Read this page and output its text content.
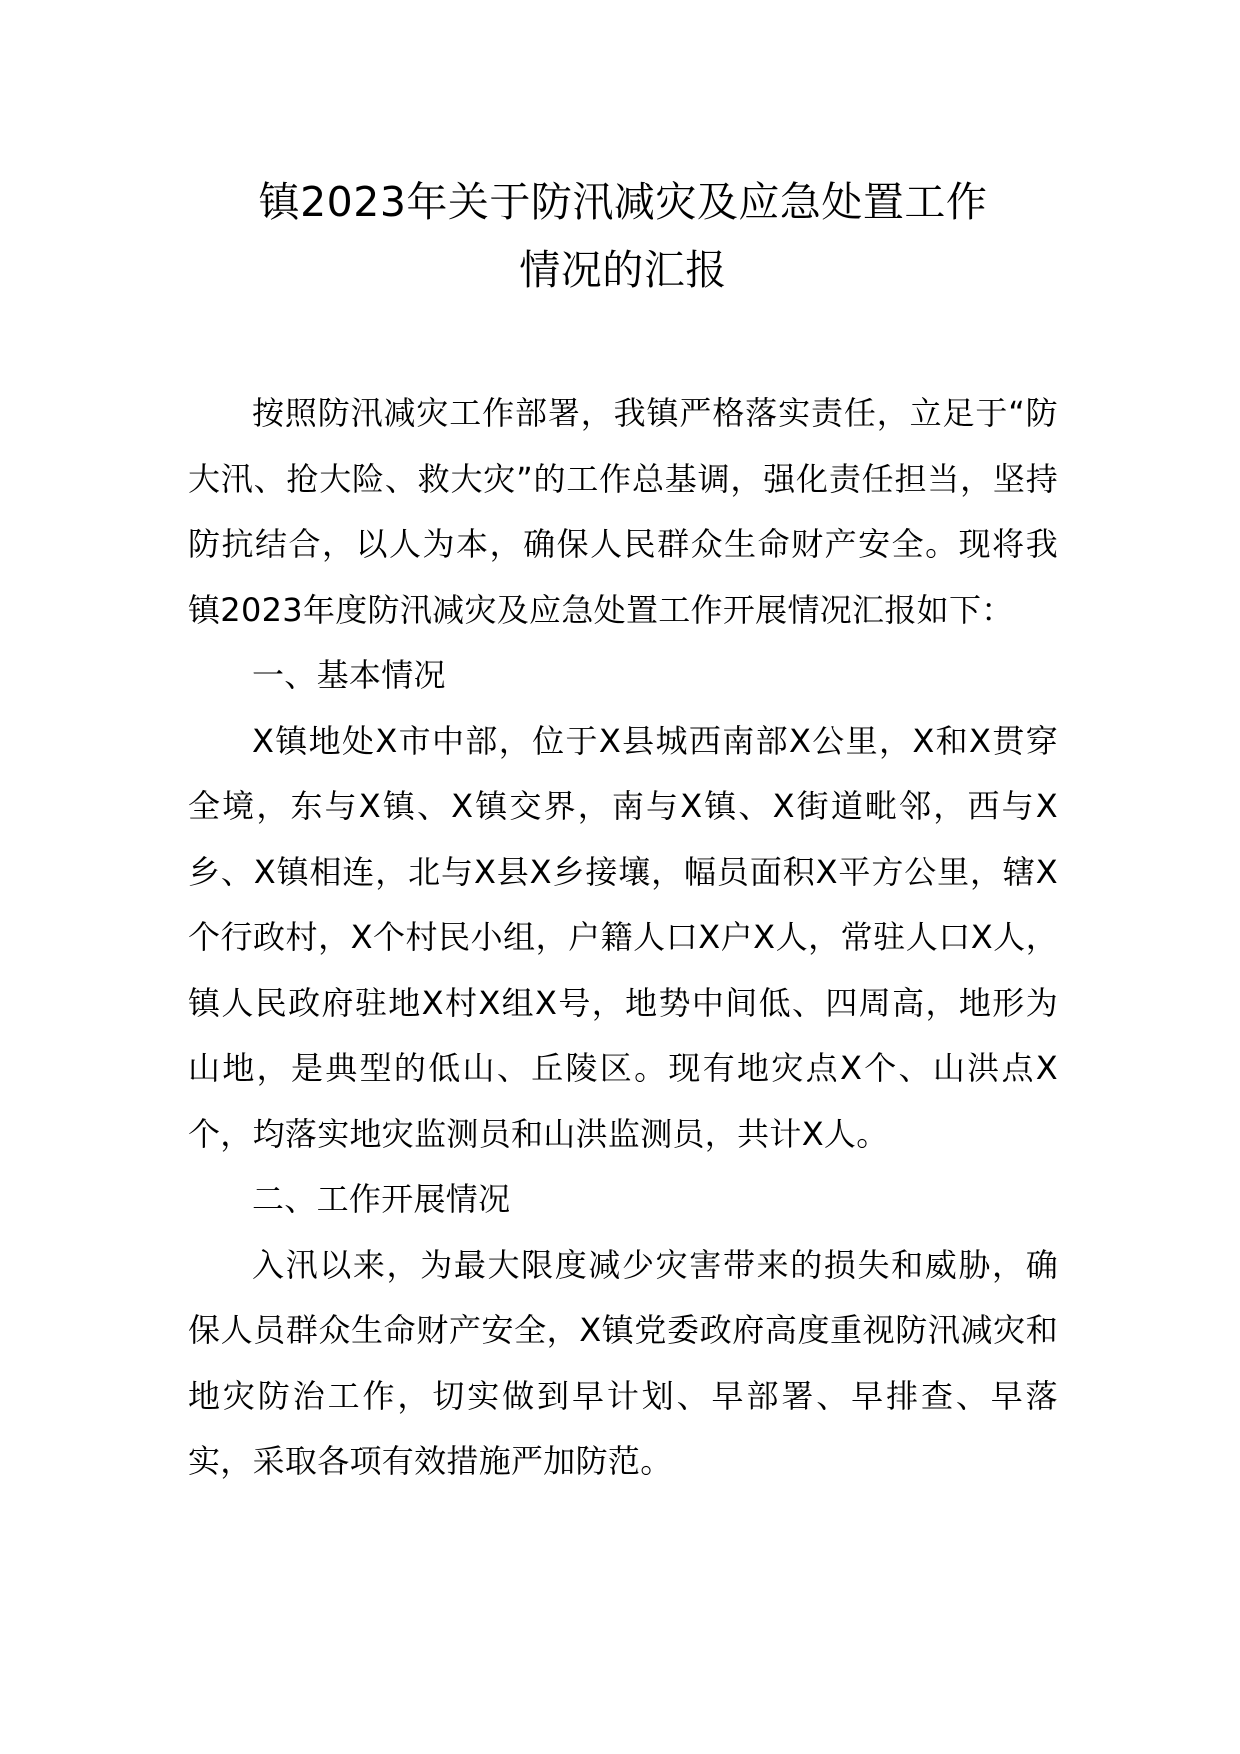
镇2023年关于防汛减灾及应急处置工作
情况的汇报

按照防汛减灾工作部署，我镇严格落实责任，立足于“防大汛、抢大险、救大灾”的工作总基调，强化责任担当，坚持防抗结合，以人为本，确保人民群众生命财产安全。现将我镇2023年度防汛减灾及应急处置工作开展情况汇报如下：

一、基本情况

X镇地处X市中部，位于X县城西南部X公里，X和X贯穿全境，东与X镇、X镇交界，南与X镇、X街道毗邻，西与X乡、X镇相连，北与X县X乡接壤，幅员面积X平方公里，辖X个行政村，X个村民小组，户籍人口X户X人，常驻人口X人，镇人民政府驻地X村X组X号，地势中间低、四周高，地形为山地，是典型的低山、丘陵区。现有地灾点X个、山洪点X个，均落实地灾监测员和山洪监测员，共计X人。

二、工作开展情况

入汛以来，为最大限度减少灾害带来的损失和威胁，确保人员群众生命财产安全，X镇党委政府高度重视防汛减灾和地灾防治工作，切实做到早计划、早部署、早排查、早落实，采取各项有效措施严加防范。
